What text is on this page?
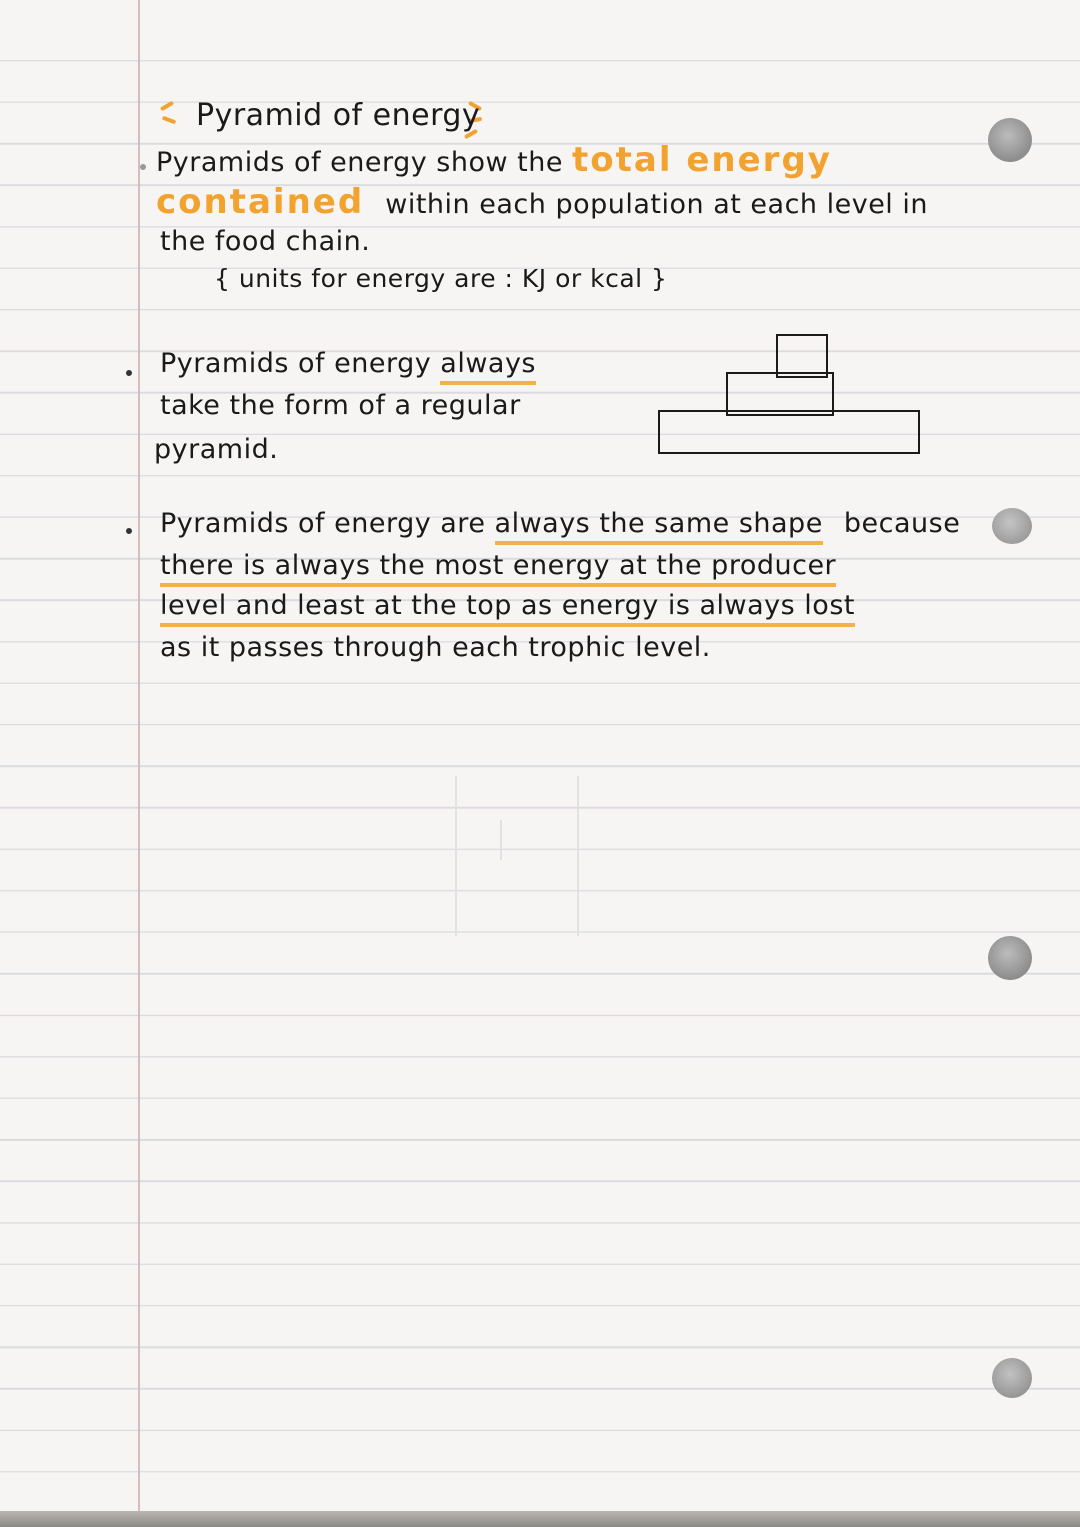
Pyramid of energy
Pyramids of energy show the total energy
contained within each population at each level in
the food chain.
{ units for energy are : KJ or kcal }
Pyramids of energy always
take the form of a regular
pyramid.
Pyramids of energy are always the same shape because
there is always the most energy at the producer
level and least at the top as energy is always lost
as it passes through each trophic level.
